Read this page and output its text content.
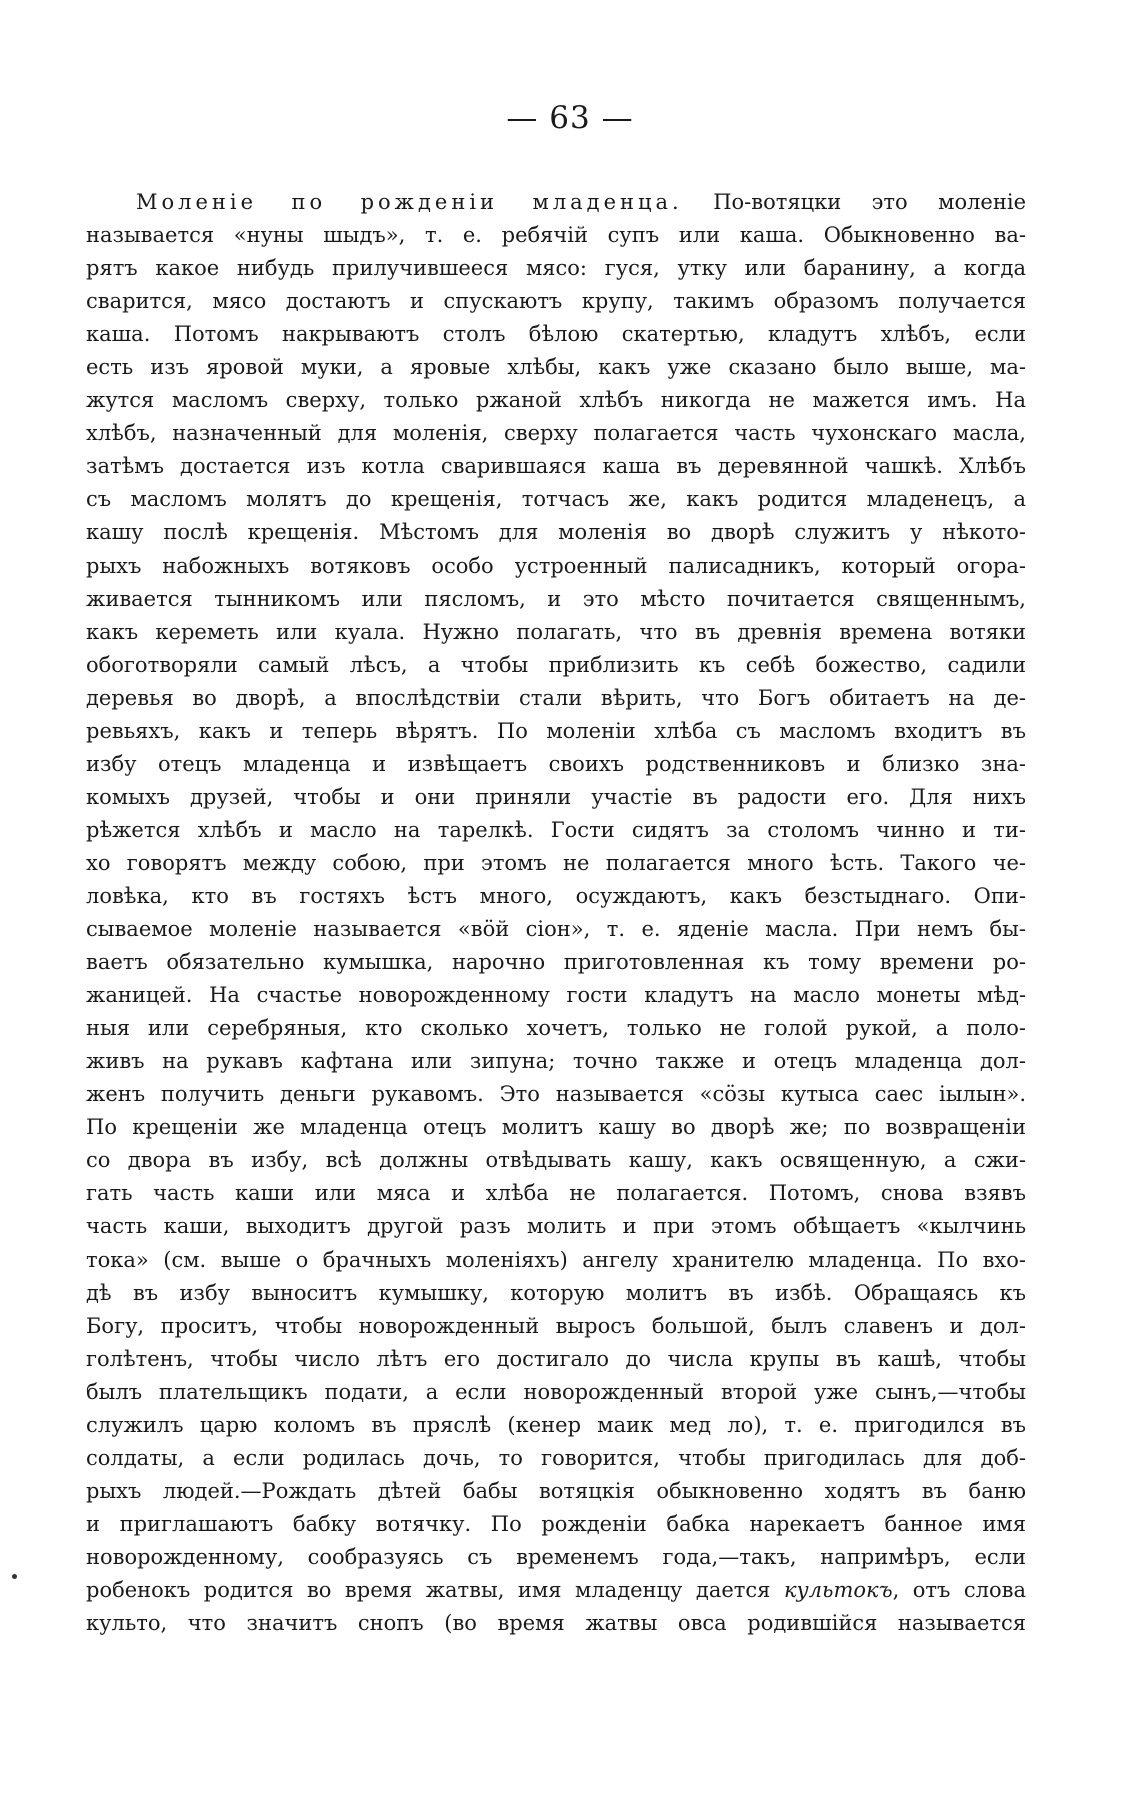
— 63 —
Моленіе по рожденіи младенца. По-вотяцки это моленіе
называется «нуны шыдъ», т. е. ребячій супъ или каша. Обыкновенно ва-
рятъ какое нибудь прилучившееся мясо: гуся, утку или баранину, а когда
сварится, мясо достаютъ и спускаютъ крупу, такимъ образомъ получается
каша. Потомъ накрываютъ столъ бѣлою скатертью, кладутъ хлѣбъ, если
есть изъ яровой муки, а яровые хлѣбы, какъ уже сказано было выше, ма-
жутся масломъ сверху, только ржаной хлѣбъ никогда не мажется имъ. На
хлѣбъ, назначенный для моленія, сверху полагается часть чухонскаго масла,
затѣмъ достается изъ котла сварившаяся каша въ деревянной чашкѣ. Хлѣбъ
съ масломъ молятъ до крещенія, тотчасъ же, какъ родится младенецъ, а
кашу послѣ крещенія. Мѣстомъ для моленія во дворѣ служитъ у нѣкото-
рыхъ набожныхъ вотяковъ особо устроенный палисадникъ, который огора-
живается тынникомъ или пясломъ, и это мѣсто почитается священнымъ,
какъ кереметь или куала. Нужно полагать, что въ древнія времена вотяки
обоготворяли самый лѣсъ, а чтобы приблизить къ себѣ божество, садили
деревья во дворѣ, а впослѣдствіи стали вѣрить, что Богъ обитаетъ на де-
ревьяхъ, какъ и теперь вѣрятъ. По моленіи хлѣба съ масломъ входитъ въ
избу отецъ младенца и извѣщаетъ своихъ родственниковъ и близко зна-
комыхъ друзей, чтобы и они приняли участіе въ радости его. Для нихъ
рѣжется хлѣбъ и масло на тарелкѣ. Гости сидятъ за столомъ чинно и ти-
хо говорятъ между собою, при этомъ не полагается много ѣсть. Такого че-
ловѣка, кто въ гостяхъ ѣстъ много, осуждаютъ, какъ безстыднаго. Опи-
сываемое моленіе называется «вӧй сіон», т. е. яденіе масла. При немъ бы-
ваетъ обязательно кумышка, нарочно приготовленная къ тому времени ро-
жаницей. На счастье новорожденному гости кладутъ на масло монеты мѣд-
ныя или серебряныя, кто сколько хочетъ, только не голой рукой, а поло-
живъ на рукавъ кафтана или зипуна; точно также и отецъ младенца дол-
женъ получить деньги рукавомъ. Это называется «сӧзы кутыса саес іылын».
По крещеніи же младенца отецъ молитъ кашу во дворѣ же; по возвращеніи
со двора въ избу, всѣ должны отвѣдывать кашу, какъ освященную, а сжи-
гать часть каши или мяса и хлѣба не полагается. Потомъ, снова взявъ
часть каши, выходитъ другой разъ молить и при этомъ обѣщаетъ «кылчинь
тока» (см. выше о брачныхъ моленіяхъ) ангелу хранителю младенца. По вхо-
дѣ въ избу выноситъ кумышку, которую молитъ въ избѣ. Обращаясь къ
Богу, проситъ, чтобы новорожденный выросъ большой, былъ славенъ и дол-
голѣтенъ, чтобы число лѣтъ его достигало до числа крупы въ кашѣ, чтобы
былъ плательщикъ подати, а если новорожденный второй уже сынъ,—чтобы
служилъ царю коломъ въ пряслѣ (кенер маик мед ло), т. е. пригодился въ
солдаты, а если родилась дочь, то говорится, чтобы пригодилась для доб-
рыхъ людей.—Рождать дѣтей бабы вотяцкія обыкновенно ходятъ въ баню
и приглашаютъ бабку вотячку. По рожденіи бабка нарекаетъ банное имя
новорожденному, сообразуясь съ временемъ года,—такъ, напримѣръ, если
робенокъ родится во время жатвы, имя младенцу дается культокъ, отъ слова
культо, что значитъ снопъ (во время жатвы овса родившійся называется
